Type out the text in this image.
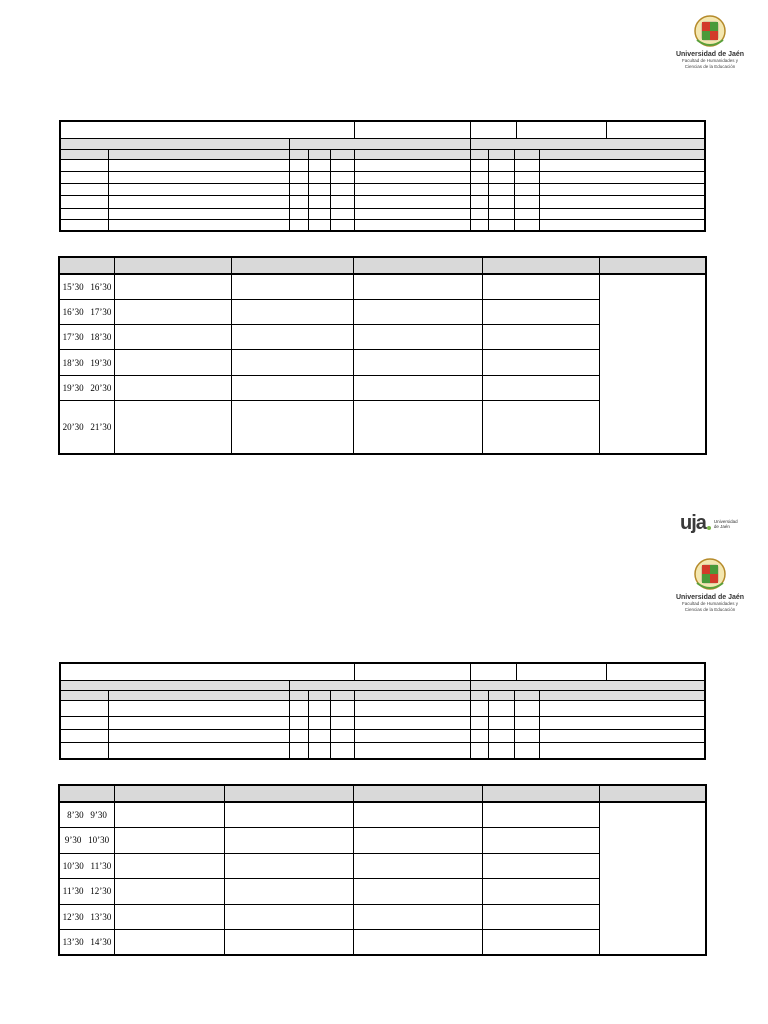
Universidad de Jaén
Facultad de Humanidades y
Ciencias de la Educación

15’30   16’30					
16’30   17’30					
17’30   18’30					
18’30   19’30					
19’30   20’30					
20’30   21’30					
uja Universidad
de Jaén
Universidad de Jaén
Facultad de Humanidades y
Ciencias de la Educación

8’30   9’30					
9’30   10’30					
10’30   11’30					
11’30   12’30					
12’30   13’30					
13’30   14’30					
